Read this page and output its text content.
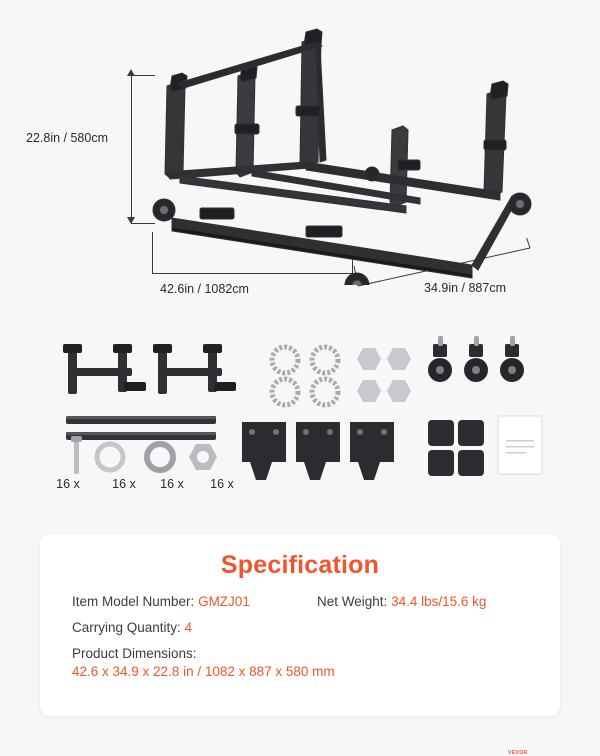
22.8in / 580cm
42.6in / 1082cm	34.9in / 887cm
VEVOR
16 x	16 x	16 x	16 x
Specification
Item Model Number: GMZJ01	Net Weight: 34.4 lbs/15.6 kg
Carrying Quantity: 4
Product Dimensions:
42.6 x 34.9 x 22.8 in / 1082 x 887 x 580 mm
